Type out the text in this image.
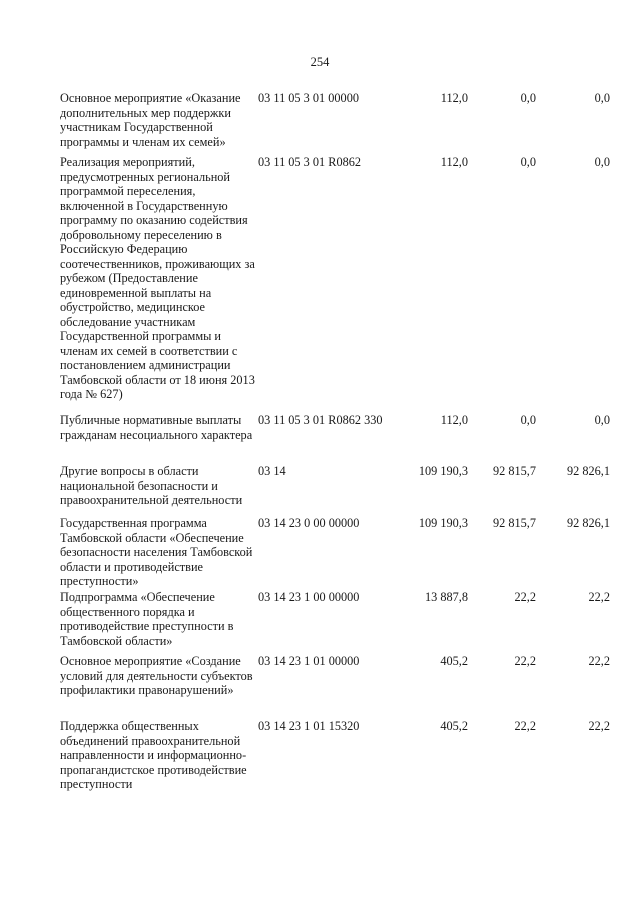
254
Основное мероприятие «Оказание дополнительных мер поддержки участникам Государственной программы и членам их семей»
03 11 05 3 01 00000	112,0	0,0	0,0
Реализация мероприятий, предусмотренных региональной программой переселения, включенной в Государственную программу по оказанию содействия добровольному переселению в Российскую Федерацию соотечественников, проживающих за рубежом (Предоставление единовременной выплаты на обустройство, медицинское обследование участникам Государственной программы и членам их семей в соответствии с постановлением администрации Тамбовской области от 18 июня 2013 года № 627)
03 11 05 3 01 R0862	112,0	0,0	0,0
Публичные нормативные выплаты гражданам несоциального характера
03 11 05 3 01 R0862 330	112,0	0,0	0,0
Другие вопросы в области национальной безопасности и правоохранительной деятельности
03 14	109 190,3	92 815,7	92 826,1
Государственная программа Тамбовской области «Обеспечение безопасности населения Тамбовской области и противодействие преступности»
03 14 23 0 00 00000	109 190,3	92 815,7	92 826,1
Подпрограмма «Обеспечение общественного порядка и противодействие преступности в Тамбовской области»
03 14 23 1 00 00000	13 887,8	22,2	22,2
Основное мероприятие «Создание условий для деятельности субъектов профилактики правонарушений»
03 14 23 1 01 00000	405,2	22,2	22,2
Поддержка общественных объединений правоохранительной направленности и информационно-пропагандистское противодействие преступности
03 14 23 1 01 15320	405,2	22,2	22,2
